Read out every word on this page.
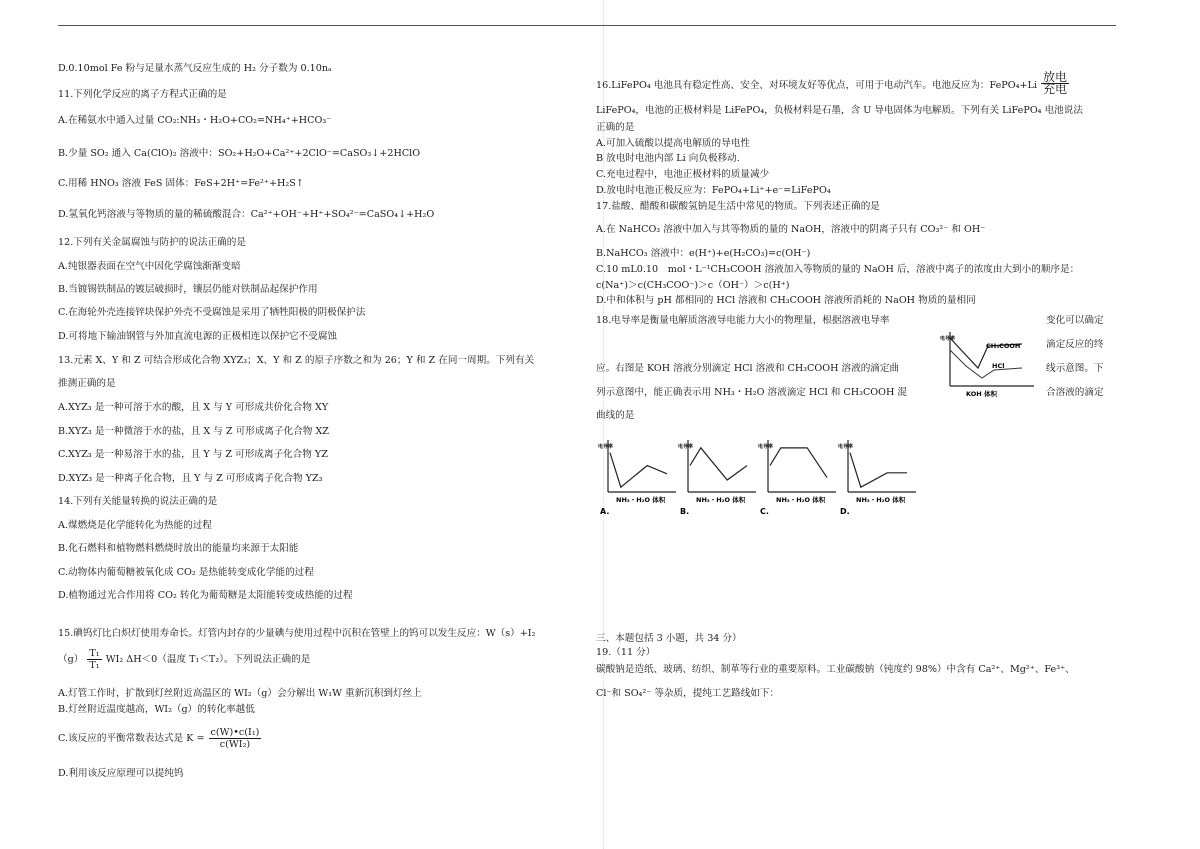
D.0.10mol Fe 粉与足量水蒸气反应生成的 H₂ 分子数为 0.10nₐ
11.下列化学反应的离子方程式正确的是
A.在稀氨水中通入过量 CO₂:NH₃・H₂O+CO₂=NH₄⁺+HCO₃⁻
B.少量 SO₂ 通入 Ca(ClO)₂ 溶液中：SO₂+H₂O+Ca²⁺+2ClO⁻=CaSO₃↓+2HClO
C.用稀 HNO₃ 溶液 FeS 固体：FeS+2H⁺=Fe²⁺+H₂S↑
D.氢氧化钙溶液与等物质的量的稀硫酸混合：Ca²⁺+OH⁻+H⁺+SO₄²⁻=CaSO₄↓+H₂O
12.下列有关金属腐蚀与防护的说法正确的是
A.纯银器表面在空气中因化学腐蚀渐渐变暗
B.当镀锡铁制品的镀层破损时，镶层仍能对铁制品起保护作用
C.在海轮外壳连接锌块保护外壳不受腐蚀是采用了牺牲阳极的阴极保护法
D.可将地下输油钢管与外加直流电源的正极相连以保护它不受腐蚀
13.元素 X、Y 和 Z 可结合形成化合物 XYZ₃；X、Y 和 Z 的原子序数之和为 26；Y 和 Z 在同一周期。下列有关
推测正确的是
A.XYZ₃ 是一种可溶于水的酸，且 X 与 Y 可形成共价化合物 XY
B.XYZ₃ 是一种微溶于水的盐，且 X 与 Z 可形成离子化合物 XZ
C.XYZ₃ 是一种易溶于水的盐，且 Y 与 Z 可形成离子化合物 YZ
D.XYZ₃ 是一种离子化合物，且 Y 与 Z 可形成离子化合物 YZ₃
14.下列有关能量转换的说法正确的是
A.煤燃烧是化学能转化为热能的过程
B.化石燃料和植物燃料燃烧时放出的能量均来源于太阳能
C.动物体内葡萄糖被氧化成 CO₂ 是热能转变成化学能的过程
D.植物通过光合作用将 CO₂ 转化为葡萄糖是太阳能转变成热能的过程
15.碘钨灯比白炽灯使用寿命长。灯管内封存的少量碘与使用过程中沉积在管壁上的钨可以发生反应：W（s）+I₂
$(g) \frac{\text{T₁}}{\text{T₁}} WI_2$ ΔH＜0（温度 T₁＜T₂）。下列说法正确的是
A.灯管工作时，扩散到灯丝附近高温区的 WI₂（g）会分解出 W₁W 重新沉积到灯丝上
B.灯丝附近温度越高，WI₂（g）的转化率越低
C.该反应的平衡常数表达式是 $K = \frac{\text{c(W)•c(I₁)}}{\text{c(WI₂)}}$
D.利用该反应原理可以提纯钨
16.LiFePO₄ 电池具有稳定性高、安全、对环境友好等优点，可用于电动汽车。电池反应为：FePO₄+Li $\frac{\text{放电}}{\text{充电}}$
LiFePO₄，电池的正极材料是 LiFePO₄，负极材料是石墨，含 U 导电固体为电解质。下列有关 LiFePO₄ 电池说法
正确的是
A.可加入硫酸以提高电解质的导电性
B 放电时电池内部 Li 向负极移动.
C.充电过程中，电池正极材料的质量减少
D.放电时电池正极反应为：FePO₄+Li⁺+e⁻=LiFePO₄
17.盐酸、醋酸和碳酸氢钠是生活中常见的物质。下列表述正确的是
A.在 NaHCO₃ 溶液中加入与其等物质的量的 NaOH，溶液中的阴离子只有 CO₃²⁻ 和 OH⁻
B.NaHCO₃ 溶液中：e(H⁺)+e(H₂CO₃)=c(OH⁻)
C.10 mL0.10　mol・L⁻¹CH₃COOH 溶液加入等物质的量的 NaOH 后，溶液中离子的浓度由大到小的顺序是：
c(Na⁺)＞c(CH₃COO⁻)＞c（OH⁻）＞c(H⁺)
D.中和体积与 pH 都相同的 HCl 溶液和 CH₃COOH 溶液所消耗的 NaOH 物质的量相同
18.电导率是衡量电解质溶液导电能力大小的物理量，根据溶液电导率	变化可以确定
滴定反应的终
应。右图是 KOH 溶液分别滴定 HCl 溶液和 CH₃COOH 溶液的滴定曲	线示意图。下
列示意图中，能正确表示用 NH₃・H₂O 溶液滴定 HCl 和 CH₃COOH 混	合溶液的滴定
曲线的是
电导率
CH₃COOH
HCl
KOH 体积
电导率
NH₃・H₂O 体积
A.
电导率
NH₃・H₂O 体积
B.
电导率
NH₃・H₂O 体积
C.
电导率
NH₃・H₂O 体积
D.
三、本题包括 3 小题，共 34 分）
19.（11 分）
碳酸钠是造纸、玻璃、纺织、制革等行业的重要原料。工业碳酸钠（钝度约 98%）中含有 Ca²⁺、Mg²⁺、Fe³⁺、
Cl⁻和 SO₄²⁻ 等杂质，提纯工艺路线如下：
